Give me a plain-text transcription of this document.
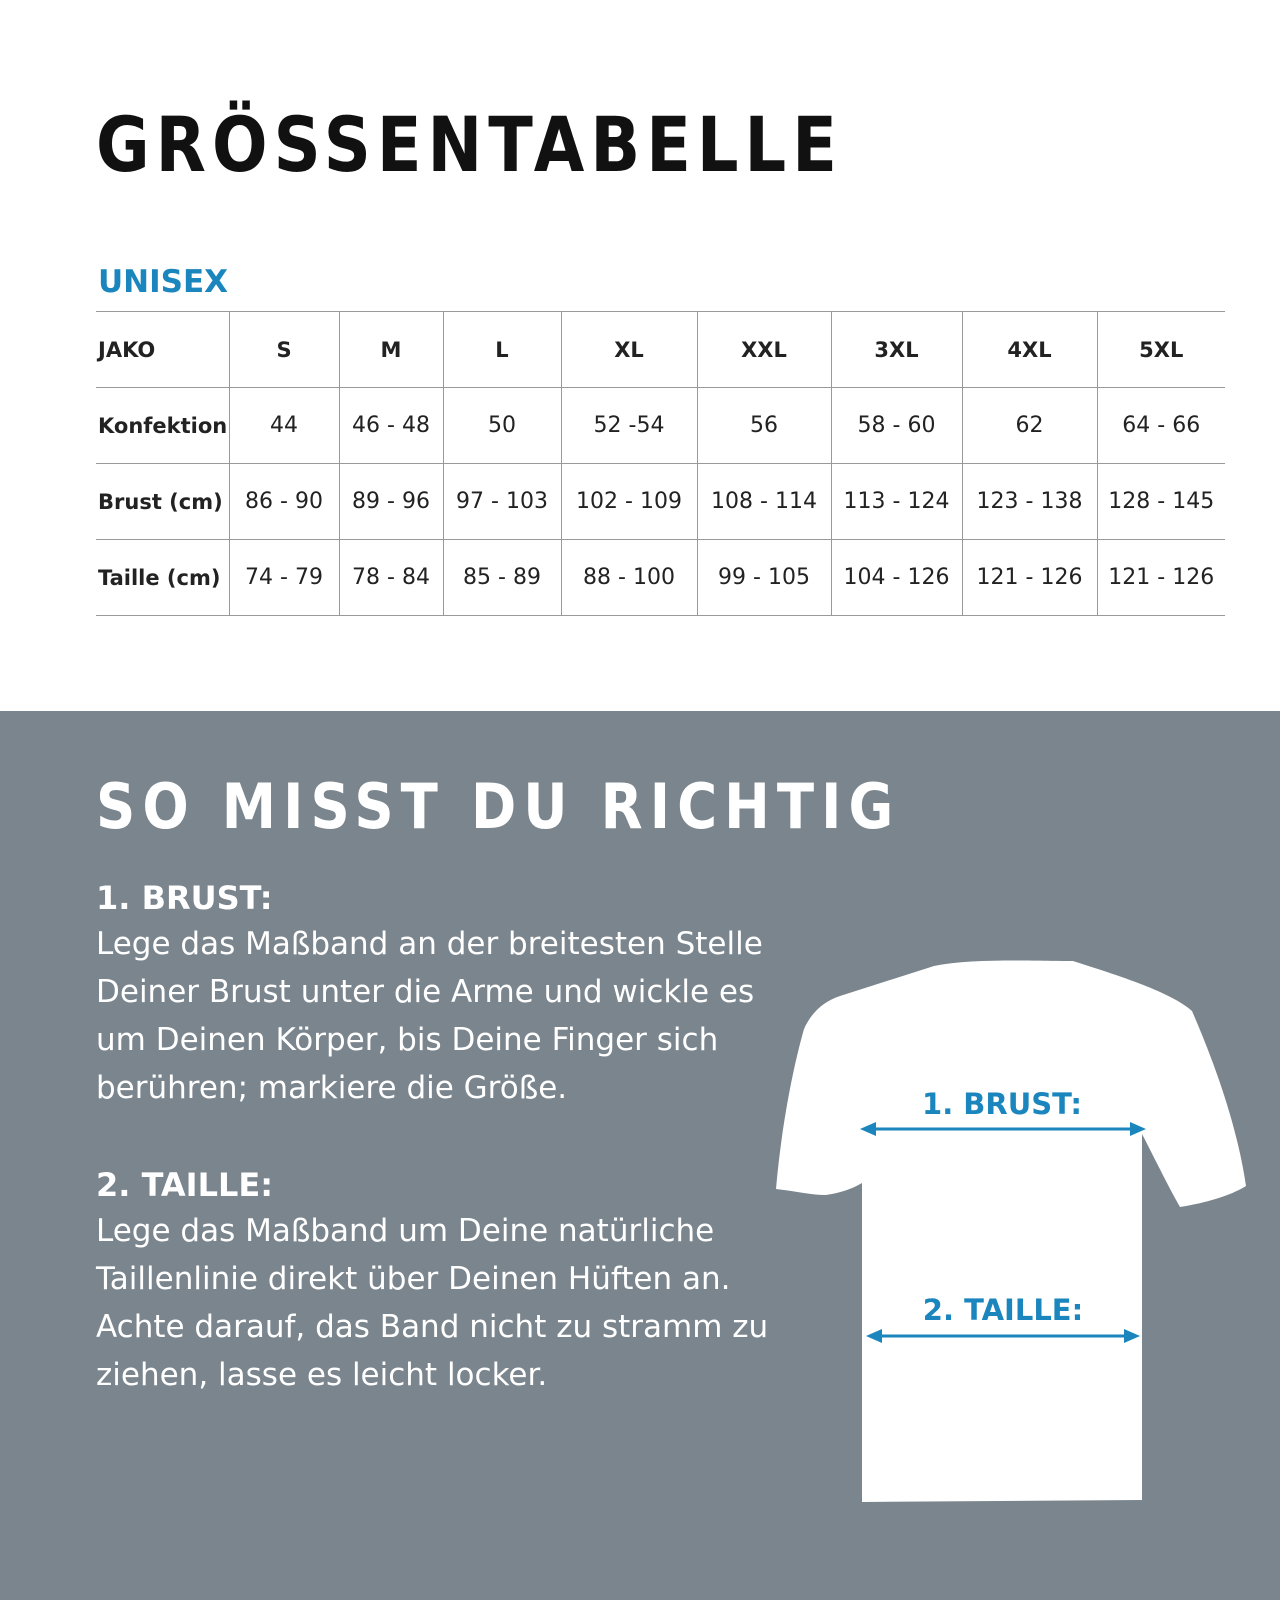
GRÖSSENTABELLE
UNISEX
JAKO	S	M	L	XL	XXL	3XL	4XL	5XL
Konfektion	44	46 - 48	50	52 -54	56	58 - 60	62	64 - 66
Brust (cm)	86 - 90	89 - 96	97 - 103	102 - 109	108 - 114	113 - 124	123 - 138	128 - 145
Taille (cm)	74 - 79	78 - 84	85 - 89	88 - 100	99 - 105	104 - 126	121 - 126	121 - 126
SO MISST DU RICHTIG

1. BRUST:

Lege das Maßband an der breitesten Stelle Deiner Brust unter die Arme und wickle es um Deinen Körper, bis Deine Finger sich berühren; markiere die Größe.

2. TAILLE:

Lege das Maßband um Deine natürliche Taillenlinie direkt über Deinen Hüften an. Achte darauf, das Band nicht zu stramm zu ziehen, lasse es leicht locker.

1. BRUST:
2. TAILLE:
